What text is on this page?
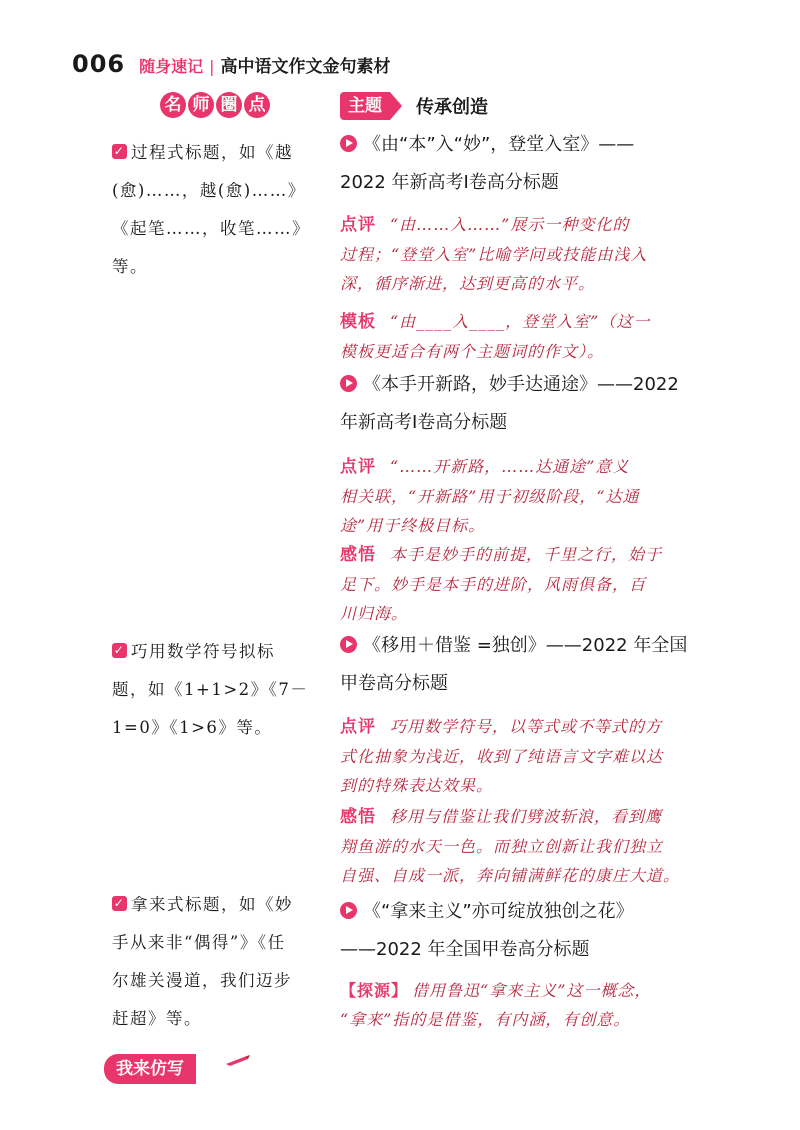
006 随身速记 | 高中语文作文金句素材
名 师 圈 点	主题	传承创造
✓ 过程式标题，如《越
(愈)……，越(愈)……》
《起笔……，收笔……》等。
✓ 巧用数学符号拟标
题，如《1+1>2》《7－
1=0》《1>6》等。
✓ 拿来式标题，如《妙
手从来非“偶得”》《任
尔雄关漫道，我们迈步
赶超》等。
《由“本”入“妙”，登堂入室》——
2022 年新高考Ⅰ卷高分标题
点评 “由……入……”展示一种变化的
过程；“登堂入室”比喻学问或技能由浅入
深，循序渐进，达到更高的水平。
模板 “由____入____，登堂入室”（这一
模板更适合有两个主题词的作文）。
《本手开新路，妙手达通途》——2022
年新高考Ⅰ卷高分标题
点评 “……开新路，……达通途”意义
相关联，“开新路”用于初级阶段，“达通
途”用于终极目标。
感悟 本手是妙手的前提，千里之行，始于
足下。妙手是本手的进阶，风雨俱备，百
川归海。
《移用＋借鉴 =独创》——2022 年全国
甲卷高分标题
点评 巧用数学符号，以等式或不等式的方
式化抽象为浅近，收到了纯语言文字难以达
到的特殊表达效果。
感悟 移用与借鉴让我们劈波斩浪，看到鹰
翔鱼游的水天一色。而独立创新让我们独立
自强、自成一派，奔向铺满鲜花的康庄大道。
《“拿来主义”亦可绽放独创之花》
——2022 年全国甲卷高分标题
【探源】 借用鲁迅“拿来主义”这一概念，
“拿来”指的是借鉴，有内涵，有创意。
我来仿写
